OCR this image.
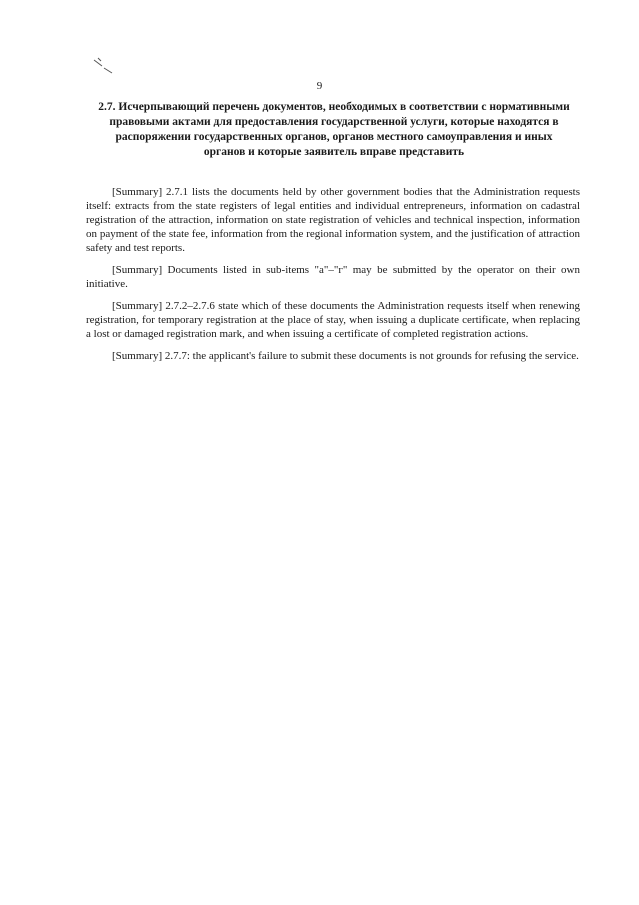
9
2.7. Исчерпывающий перечень документов, необходимых в соответствии с нормативными правовыми актами для предоставления государственной услуги, которые находятся в распоряжении государственных органов, органов местного самоуправления и иных органов и которые заявитель вправе представить

[Summary] 2.7.1 lists the documents held by other government bodies that the Administration requests itself: extracts from the state registers of legal entities and individual entrepreneurs, information on cadastral registration of the attraction, information on state registration of vehicles and technical inspection, information on payment of the state fee, information from the regional information system, and the justification of attraction safety and test reports.

[Summary] Documents listed in sub-items "а"–"г" may be submitted by the operator on their own initiative.

[Summary] 2.7.2–2.7.6 state which of these documents the Administration requests itself when renewing registration, for temporary registration at the place of stay, when issuing a duplicate certificate, when replacing a lost or damaged registration mark, and when issuing a certificate of completed registration actions.

[Summary] 2.7.7: the applicant's failure to submit these documents is not grounds for refusing the service.
